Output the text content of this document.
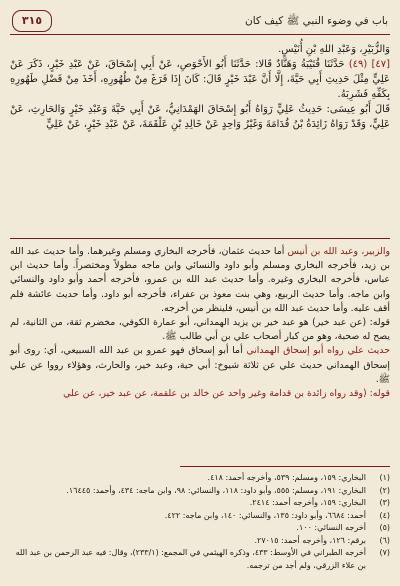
باب في وضوء النبي ﷺ كيف كان
٣١٥

وَالزُّبَيْرِ، وَعَبْدِ اللهِ بْنِ أُنَيْسٍ.

[٤٧] (٤٩) حَدَّثَنَا قُتَيْبَةُ وَهَنَّادٌ قَالا: حَدَّثَنَا أَبُو الأَحْوَصِ، عَنْ أَبِي إِسْحَاقَ، عَنْ عَبْدِ خَيْرٍ، ذَكَرَ عَنْ عَلِيٍّ مِثْلَ حَدِيثِ أَبِي حَيَّةَ، إِلَّا أَنَّ عَبْدَ خَيْرٍ قَالَ: كَانَ إِذَا فَرَغَ مِنْ طُهُورِهِ، أَخَذَ مِنْ فَضْلِ طَهُورِهِ بِكَفِّهِ فَشَرِبَهُ.

قَالَ أَبُو عِيسَى: حَدِيثُ عَلِيٍّ رَوَاهُ أَبُو إِسْحَاقَ الهَمْدَانِيُّ، عَنْ أَبِي حَيَّةَ وَعَبْدِ خَيْرٍ وَالحَارِثِ، عَنْ عَلِيٍّ، وَقَدْ رَوَاهُ زَائِدَةُ بْنُ قُدَامَةَ وَغَيْرُ وَاحِدٍ عَنْ خَالِدِ بْنِ عَلْقَمَةَ، عَنْ عَبْدِ خَيْرٍ، عَنْ عَلِيٍّ

والزبير، وعبد الله بن أنيس أما حديث عثمان، فأخرجه البخاري ومسلم وغيرهما. وأما حديث عبد الله بن زيد، فأخرجه البخاري ومسلم وأبو داود والنسائي وابن ماجه مطولاً ومختصراً. وأما حديث ابن عباس، فأخرجه البخاري وغيره. وأما حديث عبد الله بن عمرو، فأخرجه أحمد وأبو داود والنسائي وابن ماجه. وأما حديث الربيع، وهي بنت معوذ بن عفراء، فأخرجه أبو داود. وأما حديث عائشة فلم أقف عليه. وأما حديث عبد الله بن أنيس، فلينظر من أخرجه.

قوله: (عن عبد خير) هو عبد خير بن يزيد الهمداني، أبو عمارة الكوفي، مخضرم ثقة، من الثانية، لم يصح له صحبة، وهو من كبار أصحاب علي بن أبي طالب ﷺ.

حديث علي رواه أبو إسحاق الهمداني أما أبو إسحاق فهو عمرو بن عبد الله السبيعي، أي: روى أبو إسحاق الهمداني حديث علي عن ثلاثة شيوخ: أبي حية، وعبد خير، والحارث، وهؤلاء رووا عن علي ﷺ.

قوله: (وقد رواه زائدة بن قدامة وغير واحد عن خالد بن علقمة، عن عبد خير، عن علي

(١)البخاري: ١٥٩، ومسلم: ٥٣٩، وأخرجه أحمد: ٤١٨.
(٢)البخاري: ١٩١، ومسلم: ٥٥٥، وأبو داود: ١١٨، والنسائي: ٩٨، وابن ماجه: ٤٣٤، وأحمد: ١٦٤٤٥.
(٣)البخاري: ١٥٩، وأخرجه أحمد: ٢٤١٤.
(٤)أحمد: ٦٦٨٤، وأبو داود: ١٣٥، والنسائي: ١٤٠، وابن ماجه: ٤٢٢.
(٥)أخرجه النسائي: ١٠٠.
(٦)برقم: ١٢٦، وأخرجه أحمد: ٢٧٠١٥.
(٧)أخرجه الطبراني في الأوسط: ٤٣٣، وذكره الهيثمي في المجمع: (٢٣٣/١)، وقال: فيه عبد الرحمن بن عبد الله
بن علاء الزرقي، ولم أجد من ترجمه.
